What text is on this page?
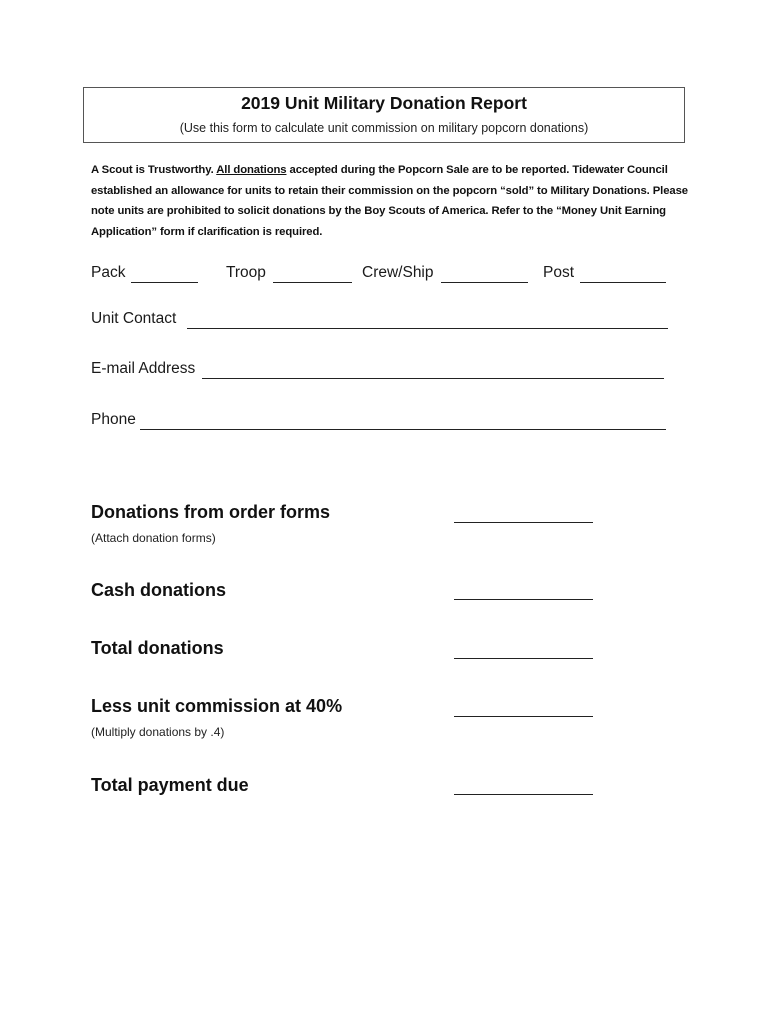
2019 Unit Military Donation Report
(Use this form to calculate unit commission on military popcorn donations)
A Scout is Trustworthy. All donations accepted during the Popcorn Sale are to be reported. Tidewater Council established an allowance for units to retain their commission on the popcorn “sold” to Military Donations. Please note units are prohibited to solicit donations by the Boy Scouts of America. Refer to the “Money Unit Earning Application” form if clarification is required.
Pack	Troop	Crew/Ship	Post
Unit Contact
E-mail Address
Phone
Donations from order forms
(Attach donation forms)
Cash donations
Total donations
Less unit commission at 40%
(Multiply donations by .4)
Total payment due
